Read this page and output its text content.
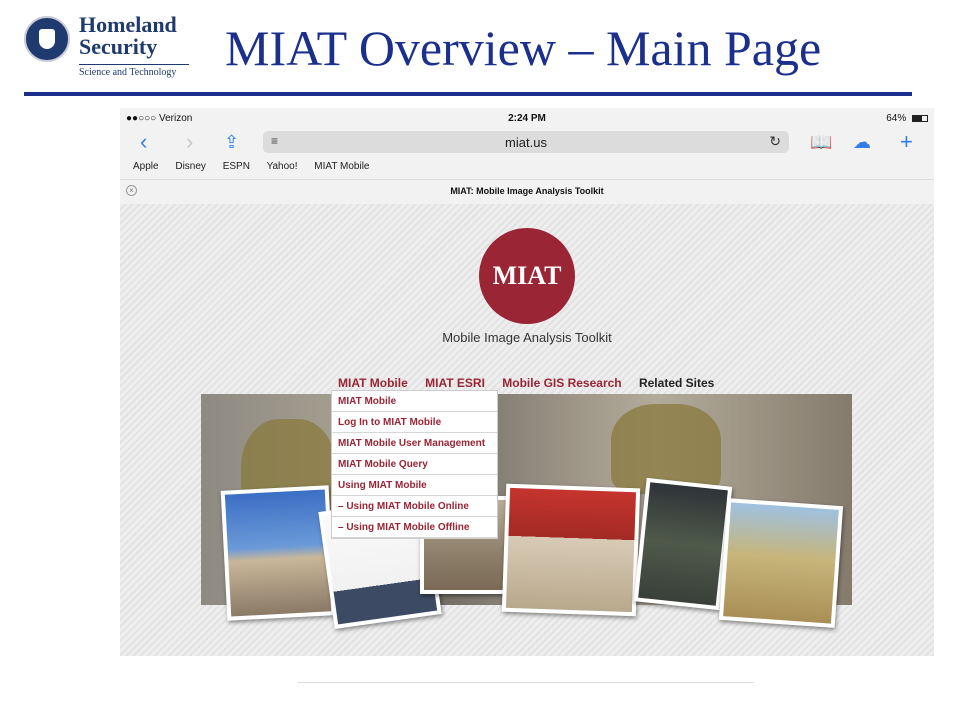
Homeland
Security
Science and Technology MIAT Overview – Main Page
●●○○○ Verizon	2:24 PM	64%
‹ › ⇪	≡	miat.us	↻ 📖 ☁ +
Apple Disney ESPN Yahoo! MIAT Mobile
×	MIAT: Mobile Image Analysis Toolkit
MIAT
Mobile Image Analysis Toolkit
MIAT Mobile MIAT ESRI Mobile GIS Research Related Sites
MIAT Mobile
Log In to MIAT Mobile
MIAT Mobile User Management
MIAT Mobile Query
Using MIAT Mobile
– Using MIAT Mobile Online
– Using MIAT Mobile Offline
